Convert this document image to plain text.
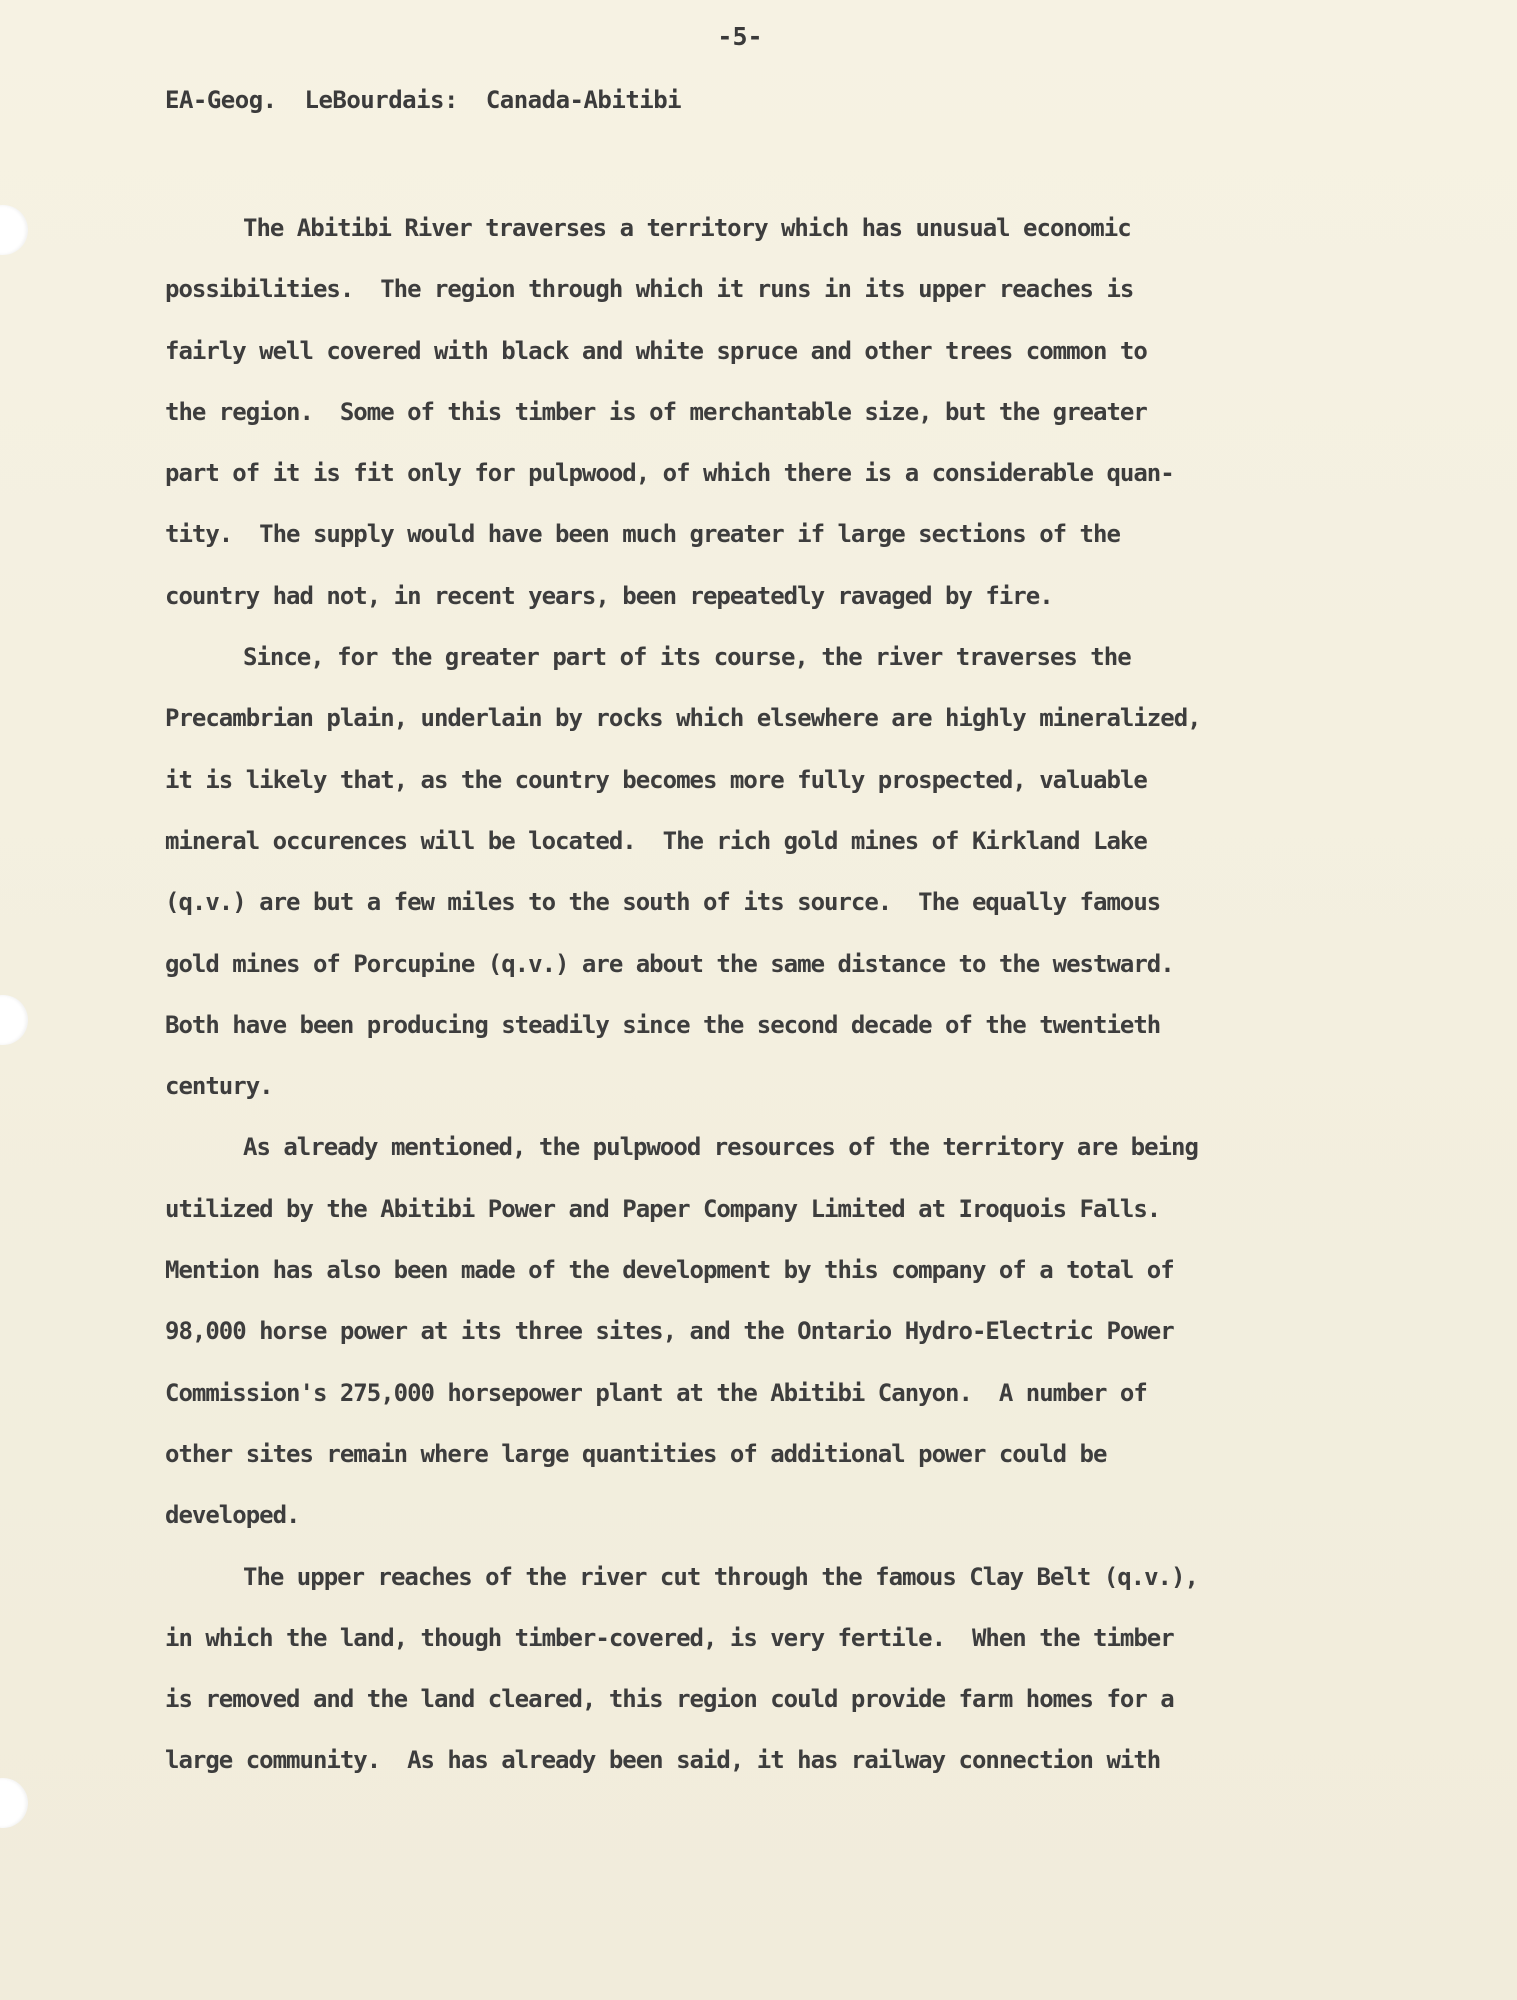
-5-
EA-Geog.  LeBourdais:  Canada-Abitibi
The Abitibi River traverses a territory which has unusual economic
possibilities.  The region through which it runs in its upper reaches is
fairly well covered with black and white spruce and other trees common to
the region.  Some of this timber is of merchantable size, but the greater
part of it is fit only for pulpwood, of which there is a considerable quan-
tity.  The supply would have been much greater if large sections of the
country had not, in recent years, been repeatedly ravaged by fire.
Since, for the greater part of its course, the river traverses the
Precambrian plain, underlain by rocks which elsewhere are highly mineralized,
it is likely that, as the country becomes more fully prospected, valuable
mineral occurences will be located.  The rich gold mines of Kirkland Lake
(q.v.) are but a few miles to the south of its source.  The equally famous
gold mines of Porcupine (q.v.) are about the same distance to the westward.
Both have been producing steadily since the second decade of the twentieth
century.
As already mentioned, the pulpwood resources of the territory are being
utilized by the Abitibi Power and Paper Company Limited at Iroquois Falls.
Mention has also been made of the development by this company of a total of
98,000 horse power at its three sites, and the Ontario Hydro-Electric Power
Commission's 275,000 horsepower plant at the Abitibi Canyon.  A number of
other sites remain where large quantities of additional power could be
developed.
The upper reaches of the river cut through the famous Clay Belt (q.v.),
in which the land, though timber-covered, is very fertile.  When the timber
is removed and the land cleared, this region could provide farm homes for a
large community.  As has already been said, it has railway connection with
